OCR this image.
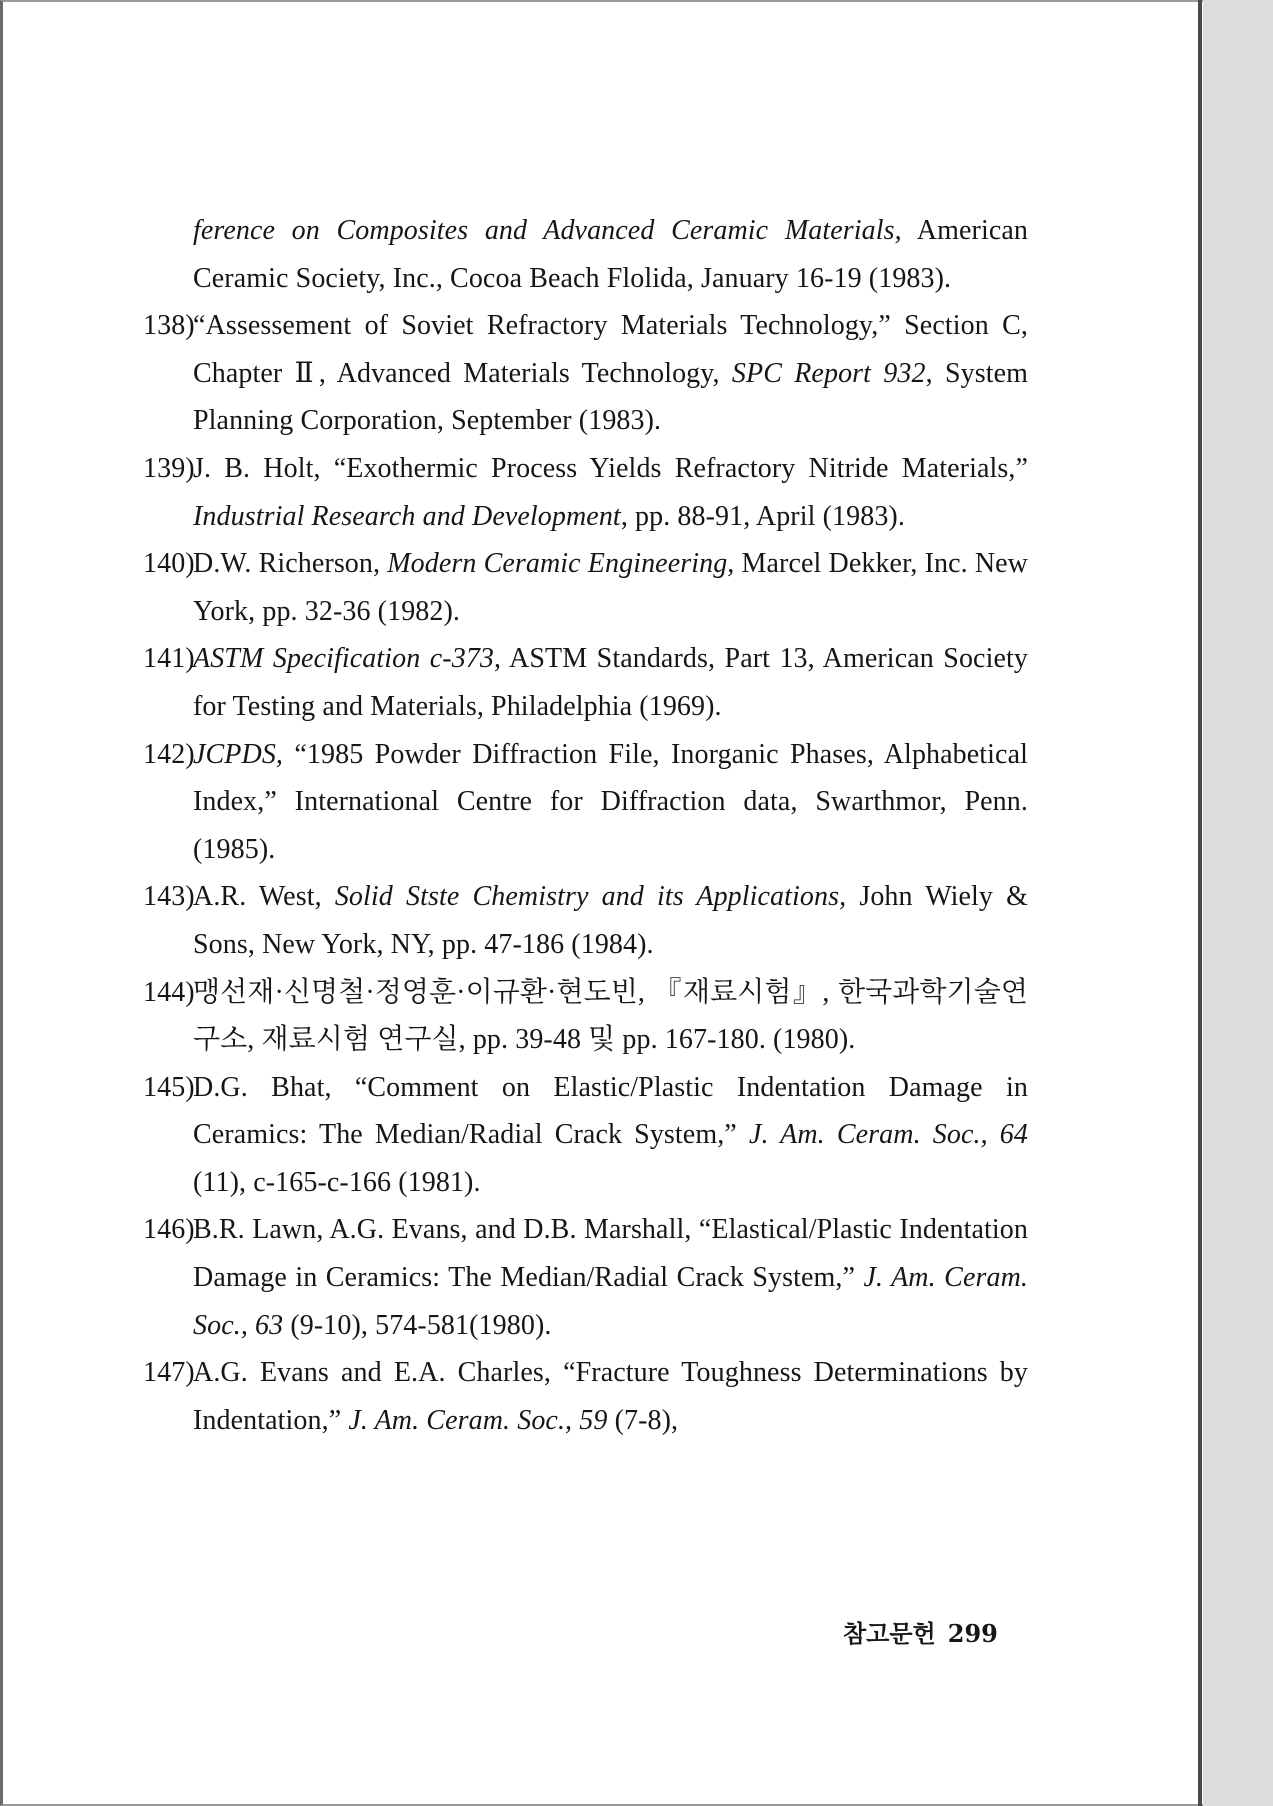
ference on Composites and Advanced Ceramic Materials, American Ceramic Society, Inc., Cocoa Beach Flolida, January 16-19 (1983).
138)
“Assessement of Soviet Refractory Materials Technology,” Section C, Chapter Ⅱ, Advanced Materials Technology, SPC Report 932, System Planning Corporation, September (1983).
139)
J. B. Holt, “Exothermic Process Yields Refractory Nitride Materials,” Industrial Research and Development, pp. 88-91, April (1983).
140)
D.W. Richerson, Modern Ceramic Engineering, Marcel Dekker, Inc. New York, pp. 32-36 (1982).
141)
ASTM Specification c-373, ASTM Standards, Part 13, American Society for Testing and Materials, Philadelphia (1969).
142)
JCPDS, “1985 Powder Diffraction File, Inorganic Phases, Alphabetical Index,” International Centre for Diffraction data, Swarthmor, Penn. (1985).
143)
A.R. West, Solid Stste Chemistry and its Applications, John Wiely & Sons, New York, NY, pp. 47-186 (1984).
144)
맹선재·신명철·정영훈·이규환·현도빈, 『재료시험』, 한국과학기술연구소, 재료시험 연구실, pp. 39-48 및 pp. 167-180. (1980).
145)
D.G. Bhat, “Comment on Elastic/Plastic Indentation Damage in Ceramics: The Median/Radial Crack System,” J. Am. Ceram. Soc., 64 (11), c-165-c-166 (1981).
146)
B.R. Lawn, A.G. Evans, and D.B. Marshall, “Elastical/Plastic Indentation Damage in Ceramics: The Median/Radial Crack System,” J. Am. Ceram. Soc., 63 (9-10), 574-581(1980).
147)
A.G. Evans and E.A. Charles, “Fracture Toughness Determinations by Indentation,” J. Am. Ceram. Soc., 59 (7-8),
참고문헌 299
